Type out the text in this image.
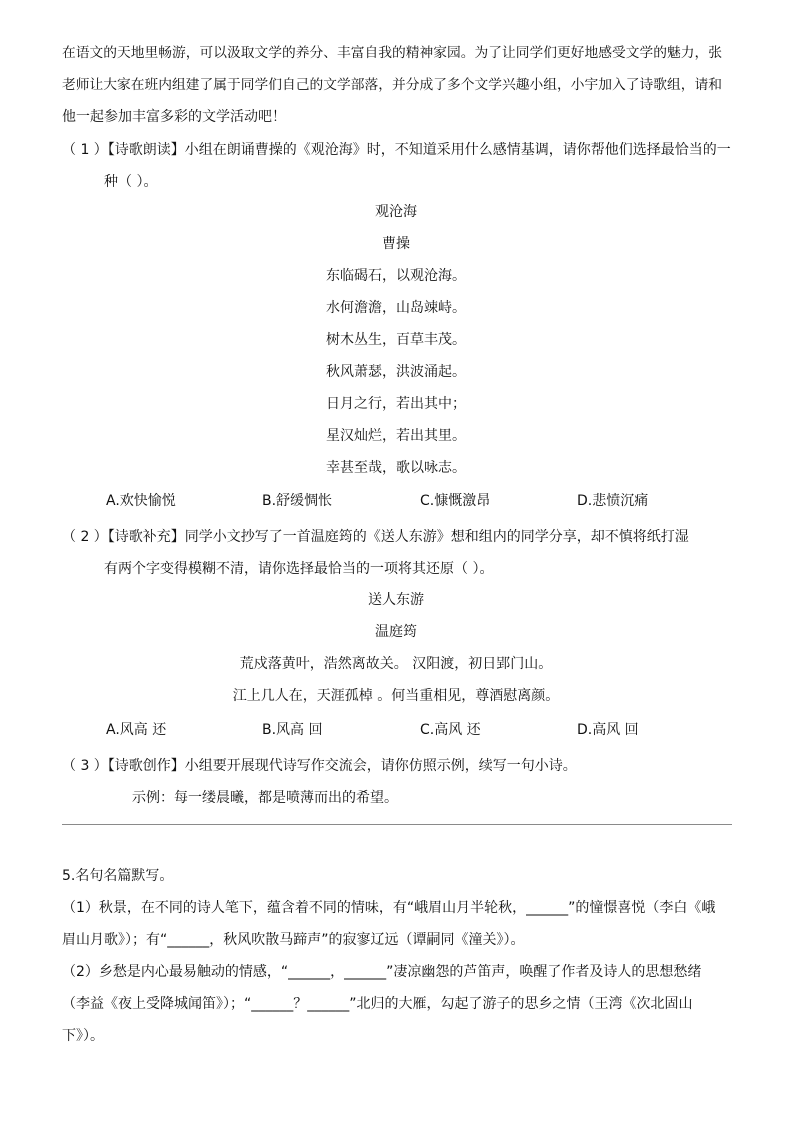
在语文的天地里畅游，可以汲取文学的养分、丰富自我的精神家园。为了让同学们更好地感受文学的魅力，张
老师让大家在班内组建了属于同学们自己的文学部落，并分成了多个文学兴趣小组，小宇加入了诗歌组，请和
他一起参加丰富多彩的文学活动吧！
（ 1 ）【诗歌朗读】小组在朗诵曹操的《观沧海》时，不知道采用什么感情基调，请你帮他们选择最恰当的一
种（ ）。
观沧海
曹操
东临碣石，以观沧海。
水何澹澹，山岛竦峙。
树木丛生，百草丰茂。
秋风萧瑟，洪波涌起。
日月之行，若出其中；
星汉灿烂，若出其里。
幸甚至哉，歌以咏志。
A.欢快愉悦	B.舒缓惆怅	C.慷慨激昂	D.悲愤沉痛
（ 2 ）【诗歌补充】同学小文抄写了一首温庭筠的《送人东游》想和组内的同学分享，却不慎将纸打湿
有两个字变得模糊不清，请你选择最恰当的一项将其还原（ ）。
送人东游
温庭筠
荒戍落黄叶，浩然离故关。 汉阳渡，初日郢门山。
江上几人在，天涯孤棹 。何当重相见，尊酒慰离颜。
A.风高 还	B.风高 回	C.高风 还	D.高风 回
（ 3 ）【诗歌创作】小组要开展现代诗写作交流会，请你仿照示例，续写一句小诗。
示例：每一缕晨曦，都是喷薄而出的希望。
5.名句名篇默写。
（1）秋景，在不同的诗人笔下，蕴含着不同的情味，有“峨眉山月半轮秋，______”的憧憬喜悦（李白《峨
眉山月歌》）；有“______，秋风吹散马蹄声”的寂寥辽远（谭嗣同《潼关》）。
（2）乡愁是内心最易触动的情感，“______，______”凄凉幽怨的芦笛声，唤醒了作者及诗人的思想愁绪
（李益《夜上受降城闻笛》）；“______？______”北归的大雁，勾起了游子的思乡之情（王湾《次北固山
下》）。
